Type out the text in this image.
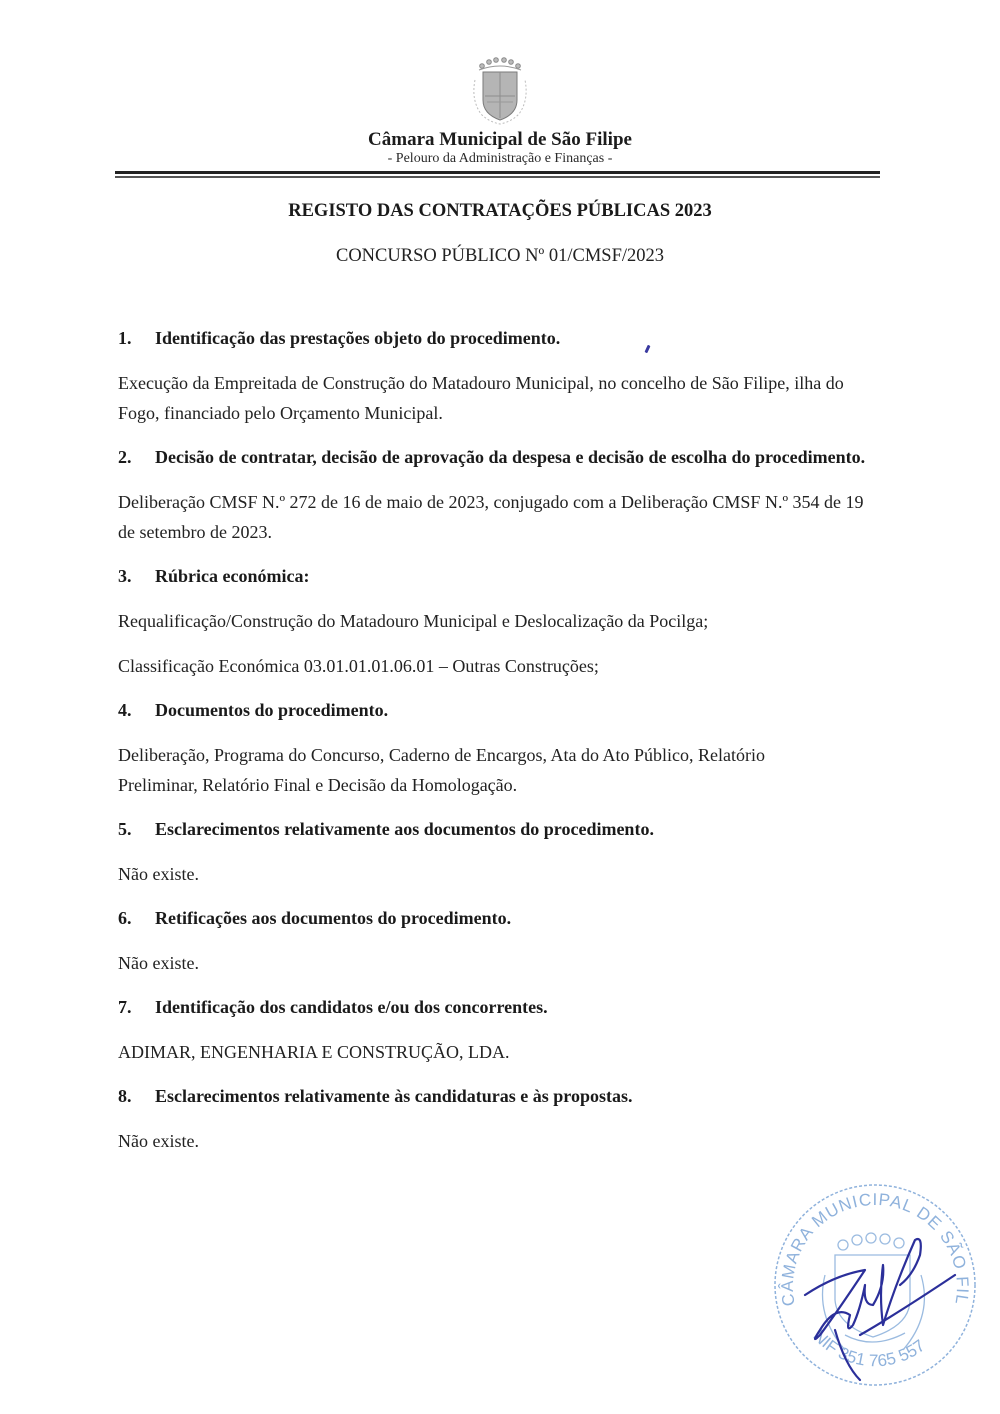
Câmara Municipal de São Filipe
- Pelouro da Administração e Finanças -
REGISTO DAS CONTRATAÇÕES PÚBLICAS 2023
CONCURSO PÚBLICO Nº 01/CMSF/2023

1.	Identificação das prestações objeto do procedimento.

Execução da Empreitada de Construção do Matadouro Municipal, no concelho de São Filipe, ilha do Fogo, financiado pelo Orçamento Municipal.

2.	Decisão de contratar, decisão de aprovação da despesa e decisão de escolha do procedimento.

Deliberação CMSF N.º 272 de 16 de maio de 2023, conjugado com a Deliberação CMSF N.º 354 de 19 de setembro de 2023.

3.	Rúbrica económica:

Requalificação/Construção do Matadouro Municipal e Deslocalização da Pocilga;

Classificação Económica 03.01.01.01.06.01 – Outras Construções;

4.	Documentos do procedimento.

Deliberação, Programa do Concurso, Caderno de Encargos, Ata do Ato Público, Relatório Preliminar, Relatório Final e Decisão da Homologação.

5.	Esclarecimentos relativamente aos documentos do procedimento.

Não existe.

6.	Retificações aos documentos do procedimento.

Não existe.

7.	Identificação dos candidatos e/ou dos concorrentes.

ADIMAR, ENGENHARIA E CONSTRUÇÃO, LDA.

8.	Esclarecimentos relativamente às candidaturas e às propostas.

Não existe.

CÂMARA MUNICIPAL DE SÃO FIL
NIF 351 765 557
